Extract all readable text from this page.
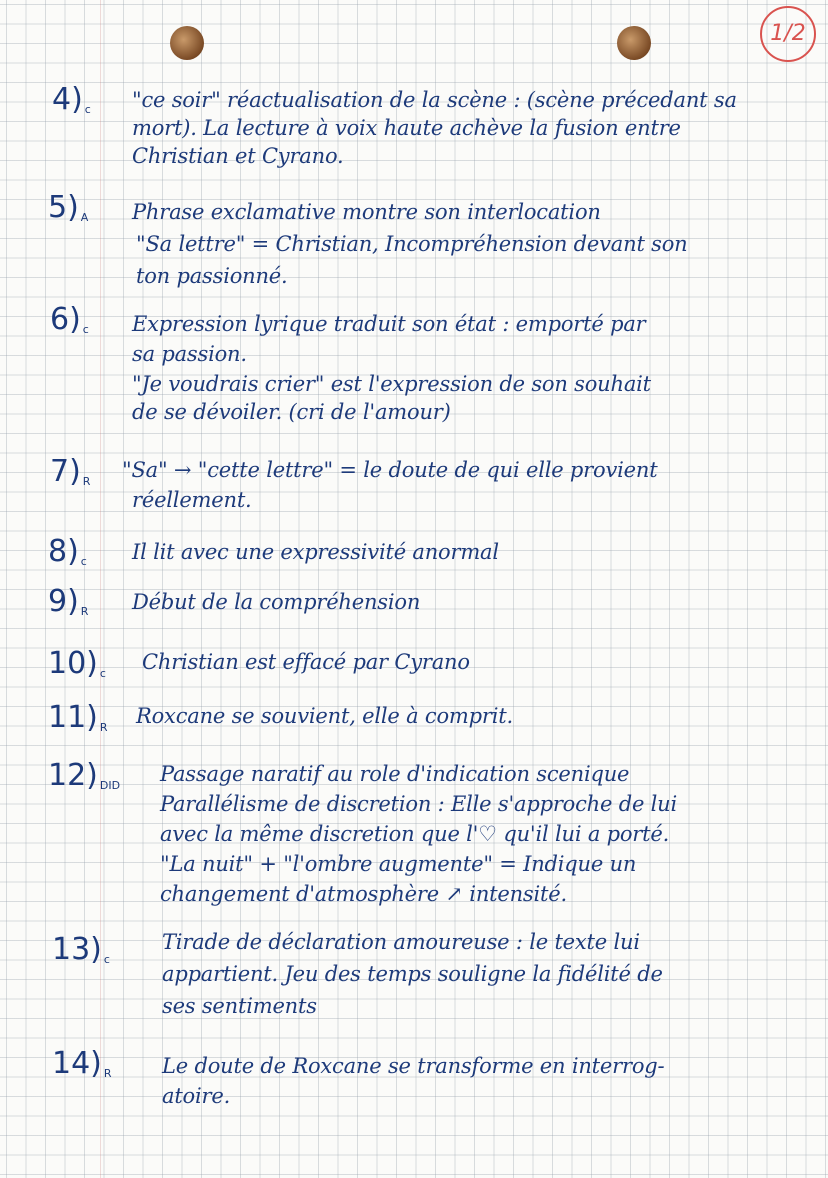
1/2
4) $_c$ "ce soir" réactualisation de la scène : (scène précedant sa
mort). La lecture à voix haute achève la fusion entre
Christian et Cyrano.
5) $_A$ Phrase exclamative montre son interlocation
"Sa lettre" = Christian, Incompréhension devant son
ton passionné.
6) $_c$ Expression lyrique traduit son état : emporté par
sa passion.
"Je voudrais crier" est l'expression de son souhait
de se dévoiler. (cri de l'amour)
7) $_R$ "Sa" → "cette lettre" = le doute de qui elle provient
réellement.
8) $_c$ Il lit avec une expressivité anormal
9) $_R$ Début de la compréhension
10) $_c$ Christian est effacé par Cyrano
11) $_R$ Roxcane se souvient, elle à comprit.
12) $_{DID}$ Passage naratif au role d'indication scenique
Parallélisme de discretion : Elle s'approche de lui
avec la même discretion que l'♡ qu'il lui a porté.
"La nuit" + "l'ombre augmente" = Indique un
changement d'atmosphère ↗ intensité.
13) $_c$
Tirade de déclaration amoureuse : le texte lui
appartient. Jeu des temps souligne la fidélité de
ses sentiments
14) $_R$ Le doute de Roxcane se transforme en interrog-
atoire.
